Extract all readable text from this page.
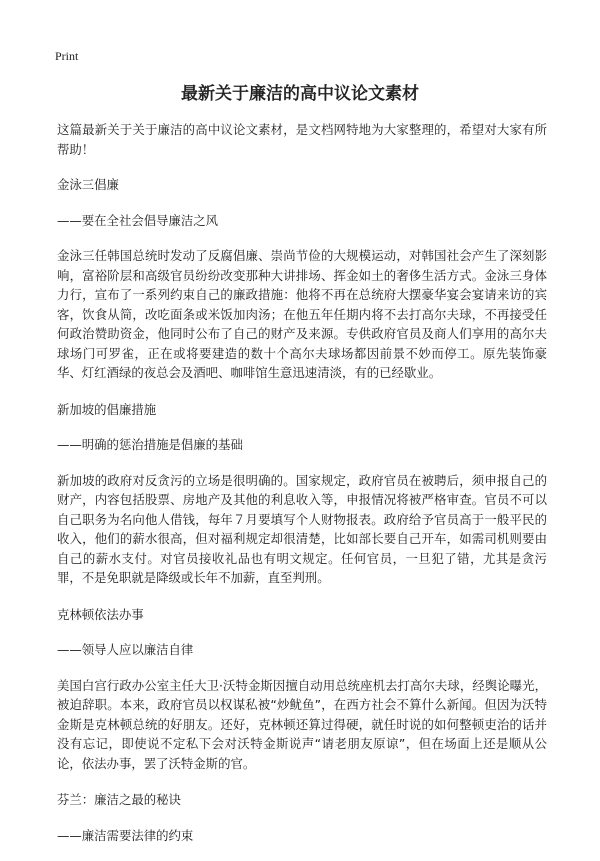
Print
最新关于廉洁的高中议论文素材

这篇最新关于关于廉洁的高中议论文素材，是文档网特地为大家整理的，希望对大家有所帮助！

金泳三倡廉

——要在全社会倡导廉洁之风

金泳三任韩国总统时发动了反腐倡廉、崇尚节俭的大规模运动，对韩国社会产生了深刻影响，富裕阶层和高级官员纷纷改变那种大讲排场、挥金如土的奢侈生活方式。金泳三身体力行，宣布了一系列约束自己的廉政措施：他将不再在总统府大摆豪华宴会宴请来访的宾客，饮食从简，改吃面条或米饭加肉汤；在他五年任期内将不去打高尔夫球，不再接受任何政治赞助资金，他同时公布了自己的财产及来源。专供政府官员及商人们享用的高尔夫球场门可罗雀，正在或将要建造的数十个高尔夫球场都因前景不妙而停工。原先装饰豪华、灯红酒绿的夜总会及酒吧、咖啡馆生意迅速清淡，有的已经歇业。

新加坡的倡廉措施

——明确的惩治措施是倡廉的基础

新加坡的政府对反贪污的立场是很明确的。国家规定，政府官员在被聘后，须申报自己的财产，内容包括股票、房地产及其他的利息收入等，申报情况将被严格审查。官员不可以自己职务为名向他人借钱，每年７月要填写个人财物报表。政府给予官员高于一般平民的收入，他们的薪水很高，但对福利规定却很清楚，比如部长要自己开车，如需司机则要由自己的薪水支付。对官员接收礼品也有明文规定。任何官员，一旦犯了错，尤其是贪污罪，不是免职就是降级或长年不加薪，直至判刑。

克林顿依法办事

——领导人应以廉洁自律

美国白宫行政办公室主任大卫·沃特金斯因擅自动用总统座机去打高尔夫球，经舆论曝光，被迫辞职。本来，政府官员以权谋私被“炒鱿鱼”，在西方社会不算什么新闻。但因为沃特金斯是克林顿总统的好朋友。还好，克林顿还算过得硬，就任时说的如何整顿吏治的话并没有忘记，即使说不定私下会对沃特金斯说声“请老朋友原谅”，但在场面上还是顺从公论，依法办事，罢了沃特金斯的官。

芬兰：廉洁之最的秘诀

——廉洁需要法律的约束
